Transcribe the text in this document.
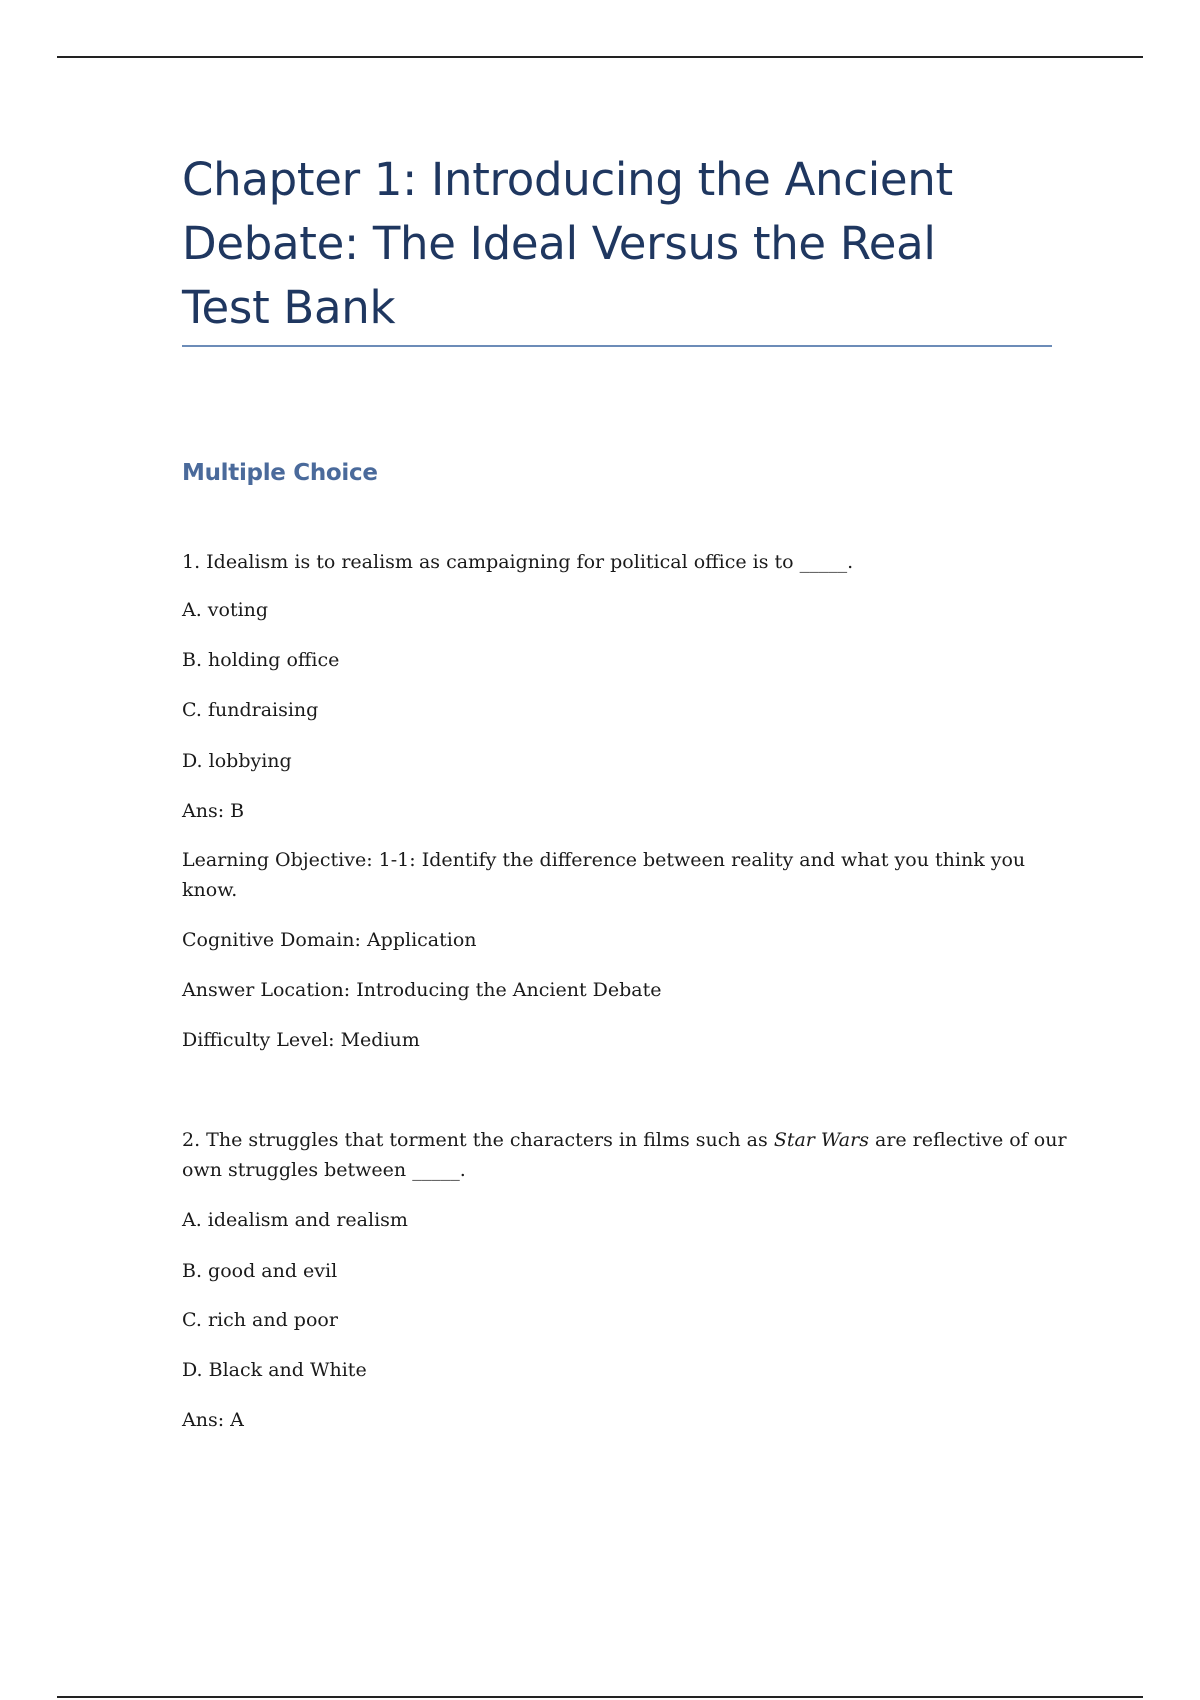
Chapter 1: Introducing the Ancient
Debate: The Ideal Versus the Real
Test Bank
Multiple Choice

1. Idealism is to realism as campaigning for political office is to _____.

A. voting

B. holding office

C. fundraising

D. lobbying

Ans: B

Learning Objective: 1-1: Identify the difference between reality and what you think you

know.

Cognitive Domain: Application

Answer Location: Introducing the Ancient Debate

Difficulty Level: Medium

2. The struggles that torment the characters in films such as Star Wars are reflective of our

own struggles between _____.

A. idealism and realism

B. good and evil

C. rich and poor

D. Black and White

Ans: A
